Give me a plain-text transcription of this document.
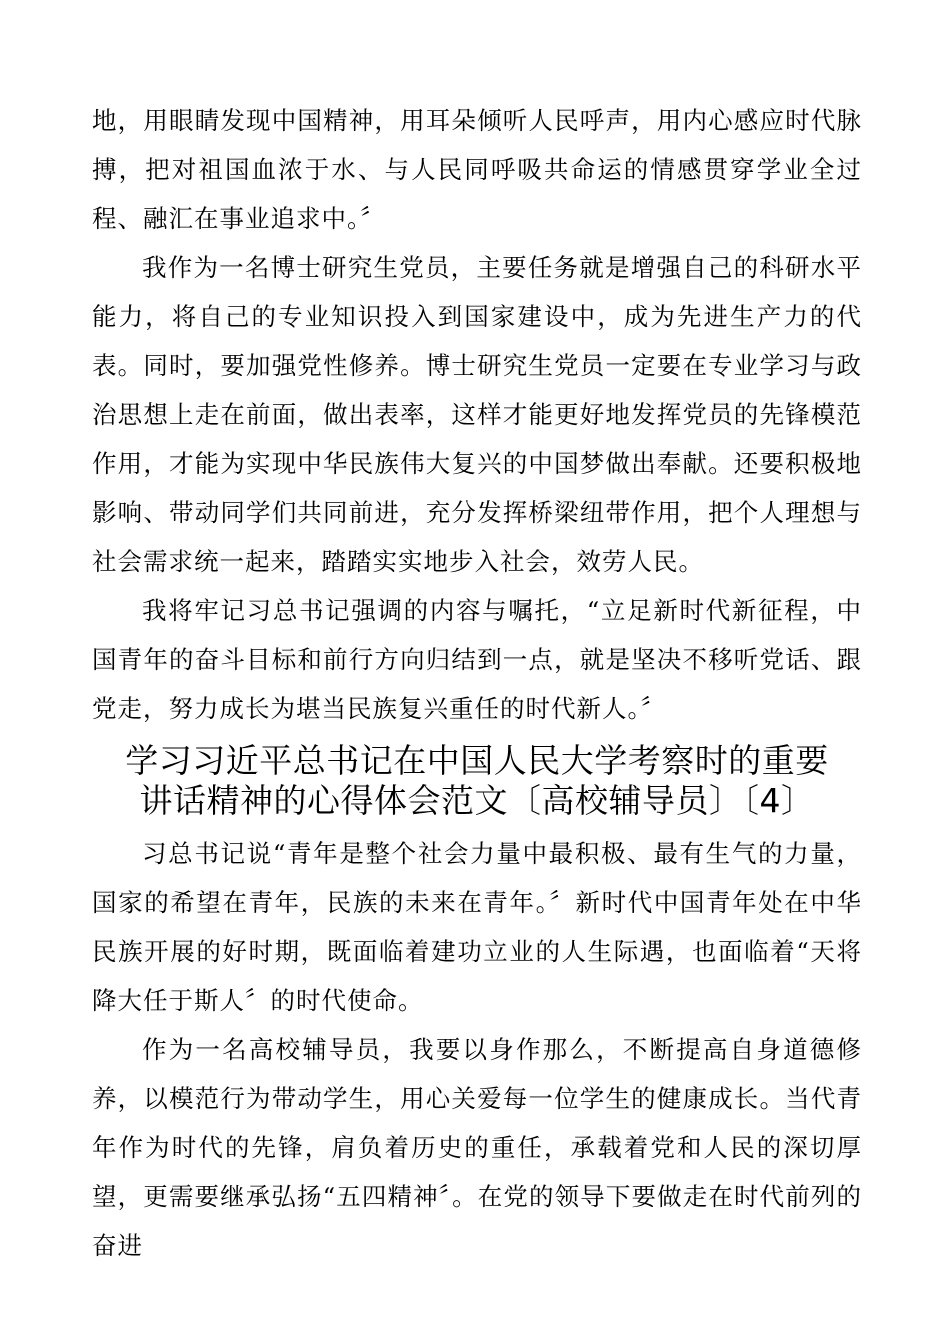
地，用眼睛发现中国精神，用耳朵倾听人民呼声，用内心感应时代脉搏，把对祖国血浓于水、与人民同呼吸共命运的情感贯穿学业全过程、融汇在事业追求中。〞

我作为一名博士研究生党员，主要任务就是增强自己的科研水平能力，将自己的专业知识投入到国家建设中，成为先进生产力的代表。同时，要加强党性修养。博士研究生党员一定要在专业学习与政治思想上走在前面，做出表率，这样才能更好地发挥党员的先锋模范作用，才能为实现中华民族伟大复兴的中国梦做出奉献。还要积极地影响、带动同学们共同前进，充分发挥桥梁纽带作用，把个人理想与社会需求统一起来，踏踏实实地步入社会，效劳人民。

我将牢记习总书记强调的内容与嘱托，“立足新时代新征程，中国青年的奋斗目标和前行方向归结到一点，就是坚决不移听党话、跟党走，努力成长为堪当民族复兴重任的时代新人。〞

学习习近平总书记在中国人民大学考察时的重要
讲话精神的心得体会范文〔高校辅导员〕〔4〕

习总书记说“青年是整个社会力量中最积极、最有生气的力量，国家的希望在青年，民族的未来在青年。〞新时代中国青年处在中华民族开展的好时期，既面临着建功立业的人生际遇，也面临着“天将降大任于斯人〞的时代使命。

作为一名高校辅导员，我要以身作那么，不断提高自身道德修养，以模范行为带动学生，用心关爱每一位学生的健康成长。当代青年作为时代的先锋，肩负着历史的重任，承载着党和人民的深切厚望，更需要继承弘扬“五四精神〞。在党的领导下要做走在时代前列的奋进
